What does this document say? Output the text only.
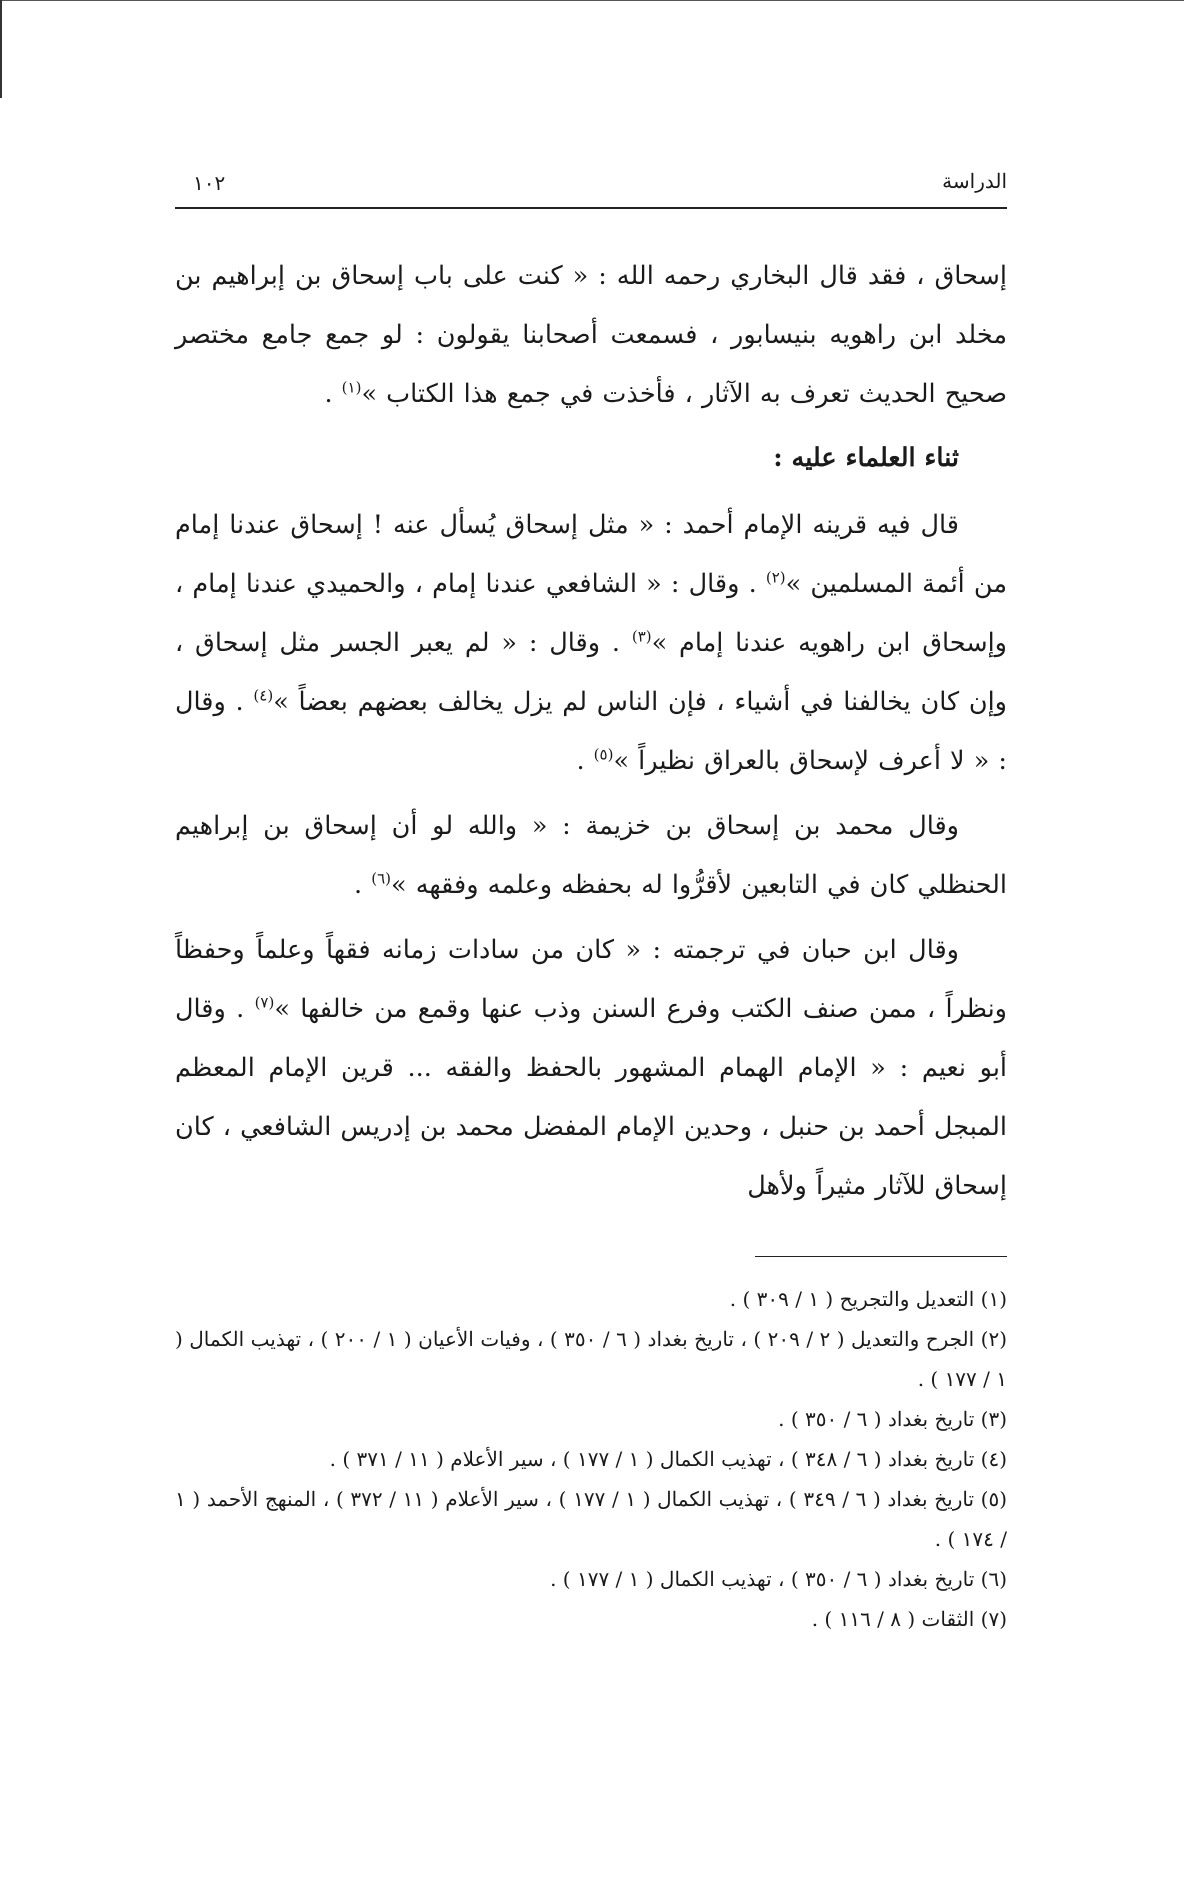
الدراسة
١٠٢

إسحاق ، فقد قال البخاري رحمه الله : « كنت على باب إسحاق بن إبراهيم بن مخلد ابن راهويه بنيسابور ، فسمعت أصحابنا يقولون : لو جمع جامع مختصر صحيح الحديث تعرف به الآثار ، فأخذت في جمع هذا الكتاب »$^{(١)}$ .

ثناء العلماء عليه :

قال فيه قرينه الإمام أحمد : « مثل إسحاق يُسأل عنه ! إسحاق عندنا إمام من أئمة المسلمين »$^{(٢)}$ . وقال : « الشافعي عندنا إمام ، والحميدي عندنا إمام ، وإسحاق ابن راهويه عندنا إمام »$^{(٣)}$ . وقال : « لم يعبر الجسر مثل إسحاق ، وإن كان يخالفنا في أشياء ، فإن الناس لم يزل يخالف بعضهم بعضاً »$^{(٤)}$ . وقال : « لا أعرف لإسحاق بالعراق نظيراً »$^{(٥)}$ .

وقال محمد بن إسحاق بن خزيمة : « والله لو أن إسحاق بن إبراهيم الحنظلي كان في التابعين لأقرُّوا له بحفظه وعلمه وفقهه »$^{(٦)}$ .

وقال ابن حبان في ترجمته : « كان من سادات زمانه فقهاً وعلماً وحفظاً ونظراً ، ممن صنف الكتب وفرع السنن وذب عنها وقمع من خالفها »$^{(٧)}$ . وقال أبو نعيم : « الإمام الهمام المشهور بالحفظ والفقه ... قرين الإمام المعظم المبجل أحمد بن حنبل ، وحدين الإمام المفضل محمد بن إدريس الشافعي ، كان إسحاق للآثار مثيراً ولأهل

(١) التعديل والتجريح ( ١ / ٣٠٩ ) .

(٢) الجرح والتعديل ( ٢ / ٢٠٩ ) ، تاريخ بغداد ( ٦ / ٣٥٠ ) ، وفيات الأعيان ( ١ / ٢٠٠ ) ، تهذيب الكمال ( ١ / ١٧٧ ) .

(٣) تاريخ بغداد ( ٦ / ٣٥٠ ) .

(٤) تاريخ بغداد ( ٦ / ٣٤٨ ) ، تهذيب الكمال ( ١ / ١٧٧ ) ، سير الأعلام ( ١١ / ٣٧١ ) .

(٥) تاريخ بغداد ( ٦ / ٣٤٩ ) ، تهذيب الكمال ( ١ / ١٧٧ ) ، سير الأعلام ( ١١ / ٣٧٢ ) ، المنهج الأحمد ( ١ / ١٧٤ ) .

(٦) تاريخ بغداد ( ٦ / ٣٥٠ ) ، تهذيب الكمال ( ١ / ١٧٧ ) .

(٧) الثقات ( ٨ / ١١٦ ) .
